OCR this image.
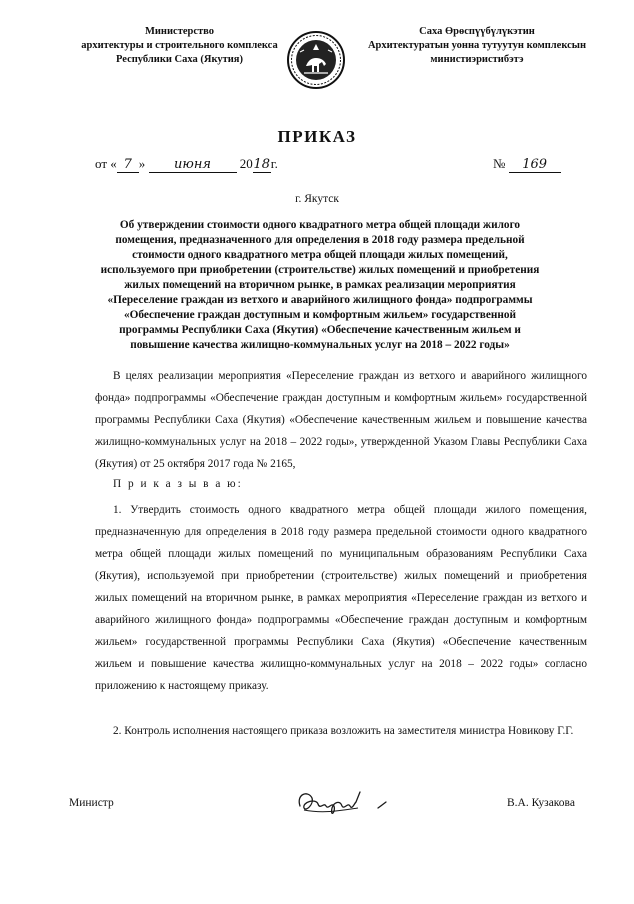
Министерство
архитектуры и строительного комплекса
Республики Саха (Якутия)
Саха Өрөспүүбүлүкэтин
Архитектуратын уонна тутуутун комплексын
министиэристибэтэ
ПРИКАЗ
от « 7 » июня 2018г.	№ 169
г. Якутск
Об утверждении стоимости одного квадратного метра общей площади жилого помещения, предназначенного для определения в 2018 году размера предельной стоимости одного квадратного метра общей площади жилых помещений, используемого при приобретении (строительстве) жилых помещений и приобретения жилых помещений на вторичном рынке, в рамках реализации мероприятия «Переселение граждан из ветхого и аварийного жилищного фонда» подпрограммы «Обеспечение граждан доступным и комфортным жильем» государственной программы Республики Саха (Якутия) «Обеспечение качественным жильем и повышение качества жилищно-коммунальных услуг на 2018 – 2022 годы»

В целях реализации мероприятия «Переселение граждан из ветхого и аварийного жилищного фонда» подпрограммы «Обеспечение граждан доступным и комфортным жильем» государственной программы Республики Саха (Якутия) «Обеспечение качественным жильем и повышение качества жилищно-коммунальных услуг на 2018 – 2022 годы», утвержденной Указом Главы Республики Саха (Якутия) от 25 октября 2017 года № 2165,

П р и к а з ы в а ю:

1. Утвердить стоимость одного квадратного метра общей площади жилого помещения, предназначенную для определения в 2018 году размера предельной стоимости одного квадратного метра общей площади жилых помещений по муниципальным образованиям Республики Саха (Якутия), используемой при приобретении (строительстве) жилых помещений и приобретения жилых помещений на вторичном рынке, в рамках мероприятия «Переселение граждан из ветхого и аварийного жилищного фонда» подпрограммы «Обеспечение граждан доступным и комфортным жильем» государственной программы Республики Саха (Якутия) «Обеспечение качественным жильем и повышение качества жилищно-коммунальных услуг на 2018 – 2022 годы» согласно приложению к настоящему приказу.

2. Контроль исполнения настоящего приказа возложить на заместителя министра Новикову Г.Г.

Министр	В.А. Кузакова
